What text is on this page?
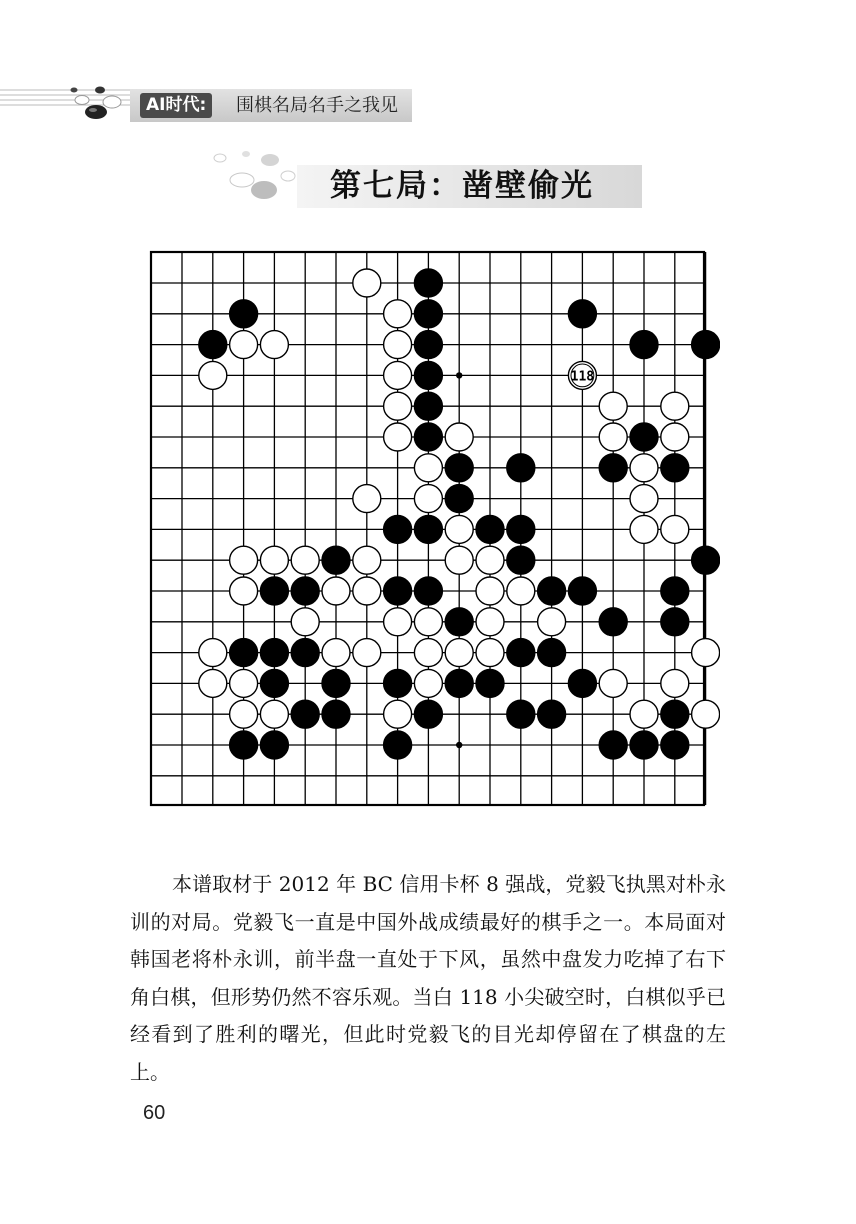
AI时代:	围棋名局名手之我见
第七局：凿壁偷光
118

本谱取材于 2012 年 BC 信用卡杯 8 强战，党毅飞执黑对朴永训的对局。党毅飞一直是中国外战成绩最好的棋手之一。本局面对韩国老将朴永训，前半盘一直处于下风，虽然中盘发力吃掉了右下角白棋，但形势仍然不容乐观。当白 118 小尖破空时，白棋似乎已经看到了胜利的曙光，但此时党毅飞的目光却停留在了棋盘的左上。

60
